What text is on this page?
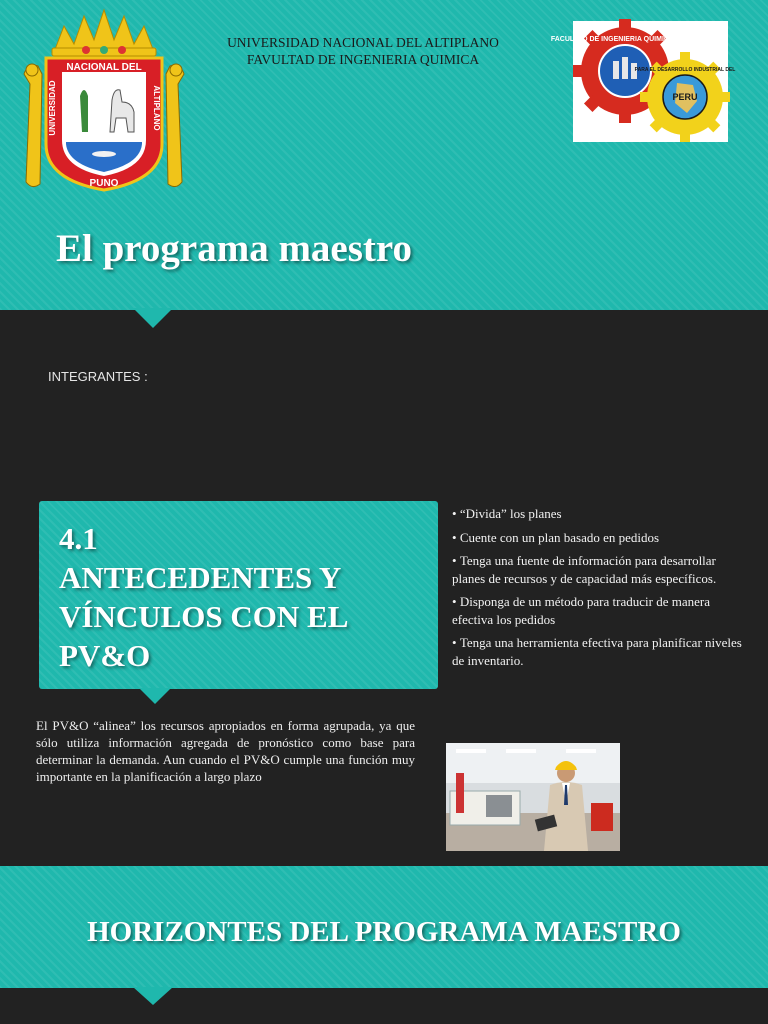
NACIONAL DEL
PUNO
UNIVERSIDAD	ALTIPLANO
UNIVERSIDAD NACIONAL DEL ALTIPLANO
FAVULTAD DE INGENIERIA QUIMICA
FACULTAD DE INGENIERIA QUIMICA · UNA ·
PERU
PARA EL DESARROLLO INDUSTRIAL DEL
El programa maestro
INTEGRANTES :
4.1
ANTECEDENTES Y
VÍNCULOS CON EL
PV&O
• “Divida” los planes
• Cuente con un plan basado en pedidos
• Tenga una fuente de información para desarrollar planes de recursos y de capacidad más específicos.
• Disponga de un método para traducir de manera efectiva los pedidos
• Tenga una herramienta efectiva para planificar niveles de inventario.

El PV&O “alinea” los recursos apropiados en forma agrupada, ya que sólo utiliza información agregada de pronóstico como base para determinar la demanda. Aun cuando el PV&O cumple una función muy importante en la planificación a largo plazo

HORIZONTES DEL PROGRAMA MAESTRO
